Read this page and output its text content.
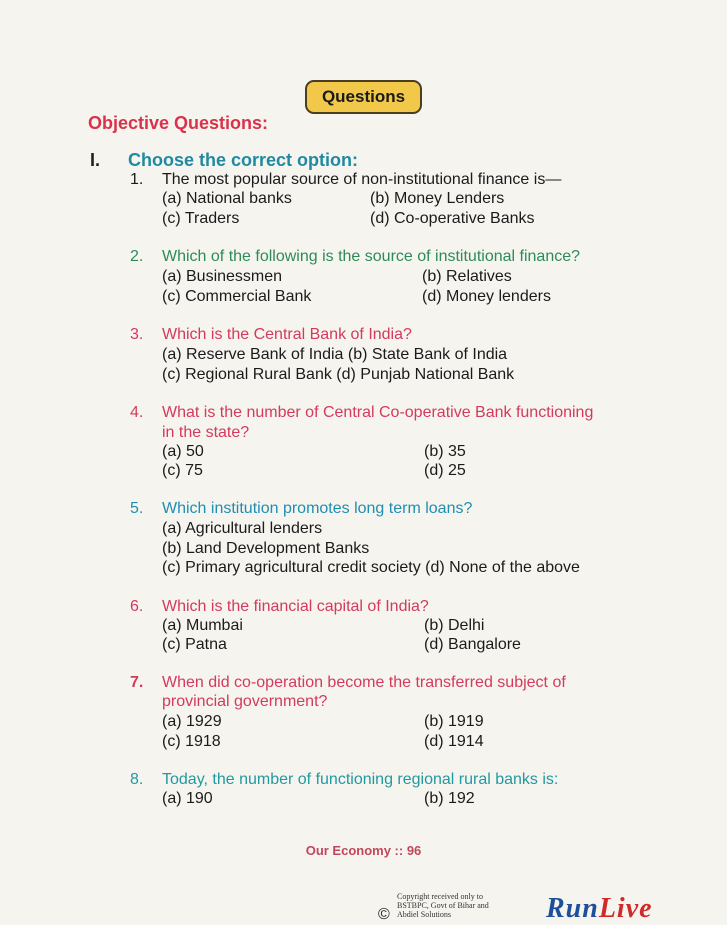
Questions
Objective Questions:
I. Choose the correct option:
1. The most popular source of non-institutional finance is—
(a) National banks	(b) Money Lenders
(c) Traders	(d) Co-operative Banks
2. Which of the following is the source of institutional finance?
(a) Businessmen	(b) Relatives
(c) Commercial Bank	(d) Money lenders
3. Which is the Central Bank of India?
(a) Reserve Bank of India (b) State Bank of India
(c) Regional Rural Bank (d) Punjab National Bank
4. What is the number of Central Co-operative Bank functioning
in the state?
(a) 50	(b) 35
(c) 75	(d) 25
5. Which institution promotes long term loans?
(a) Agricultural lenders
(b) Land Development Banks
(c) Primary agricultural credit society (d) None of the above
6. Which is the financial capital of India?
(a) Mumbai	(b) Delhi
(c) Patna	(d) Bangalore
7. When did co-operation become the transferred subject of
provincial government?
(a) 1929	(b) 1919
(c) 1918	(d) 1914
8. Today, the number of functioning regional rural banks is:
(a) 190	(b) 192
Our Economy :: 96
©
Copyright received only to
BSTBPC, Govt of Bihar and
Abdiel Solutions	RunLive
